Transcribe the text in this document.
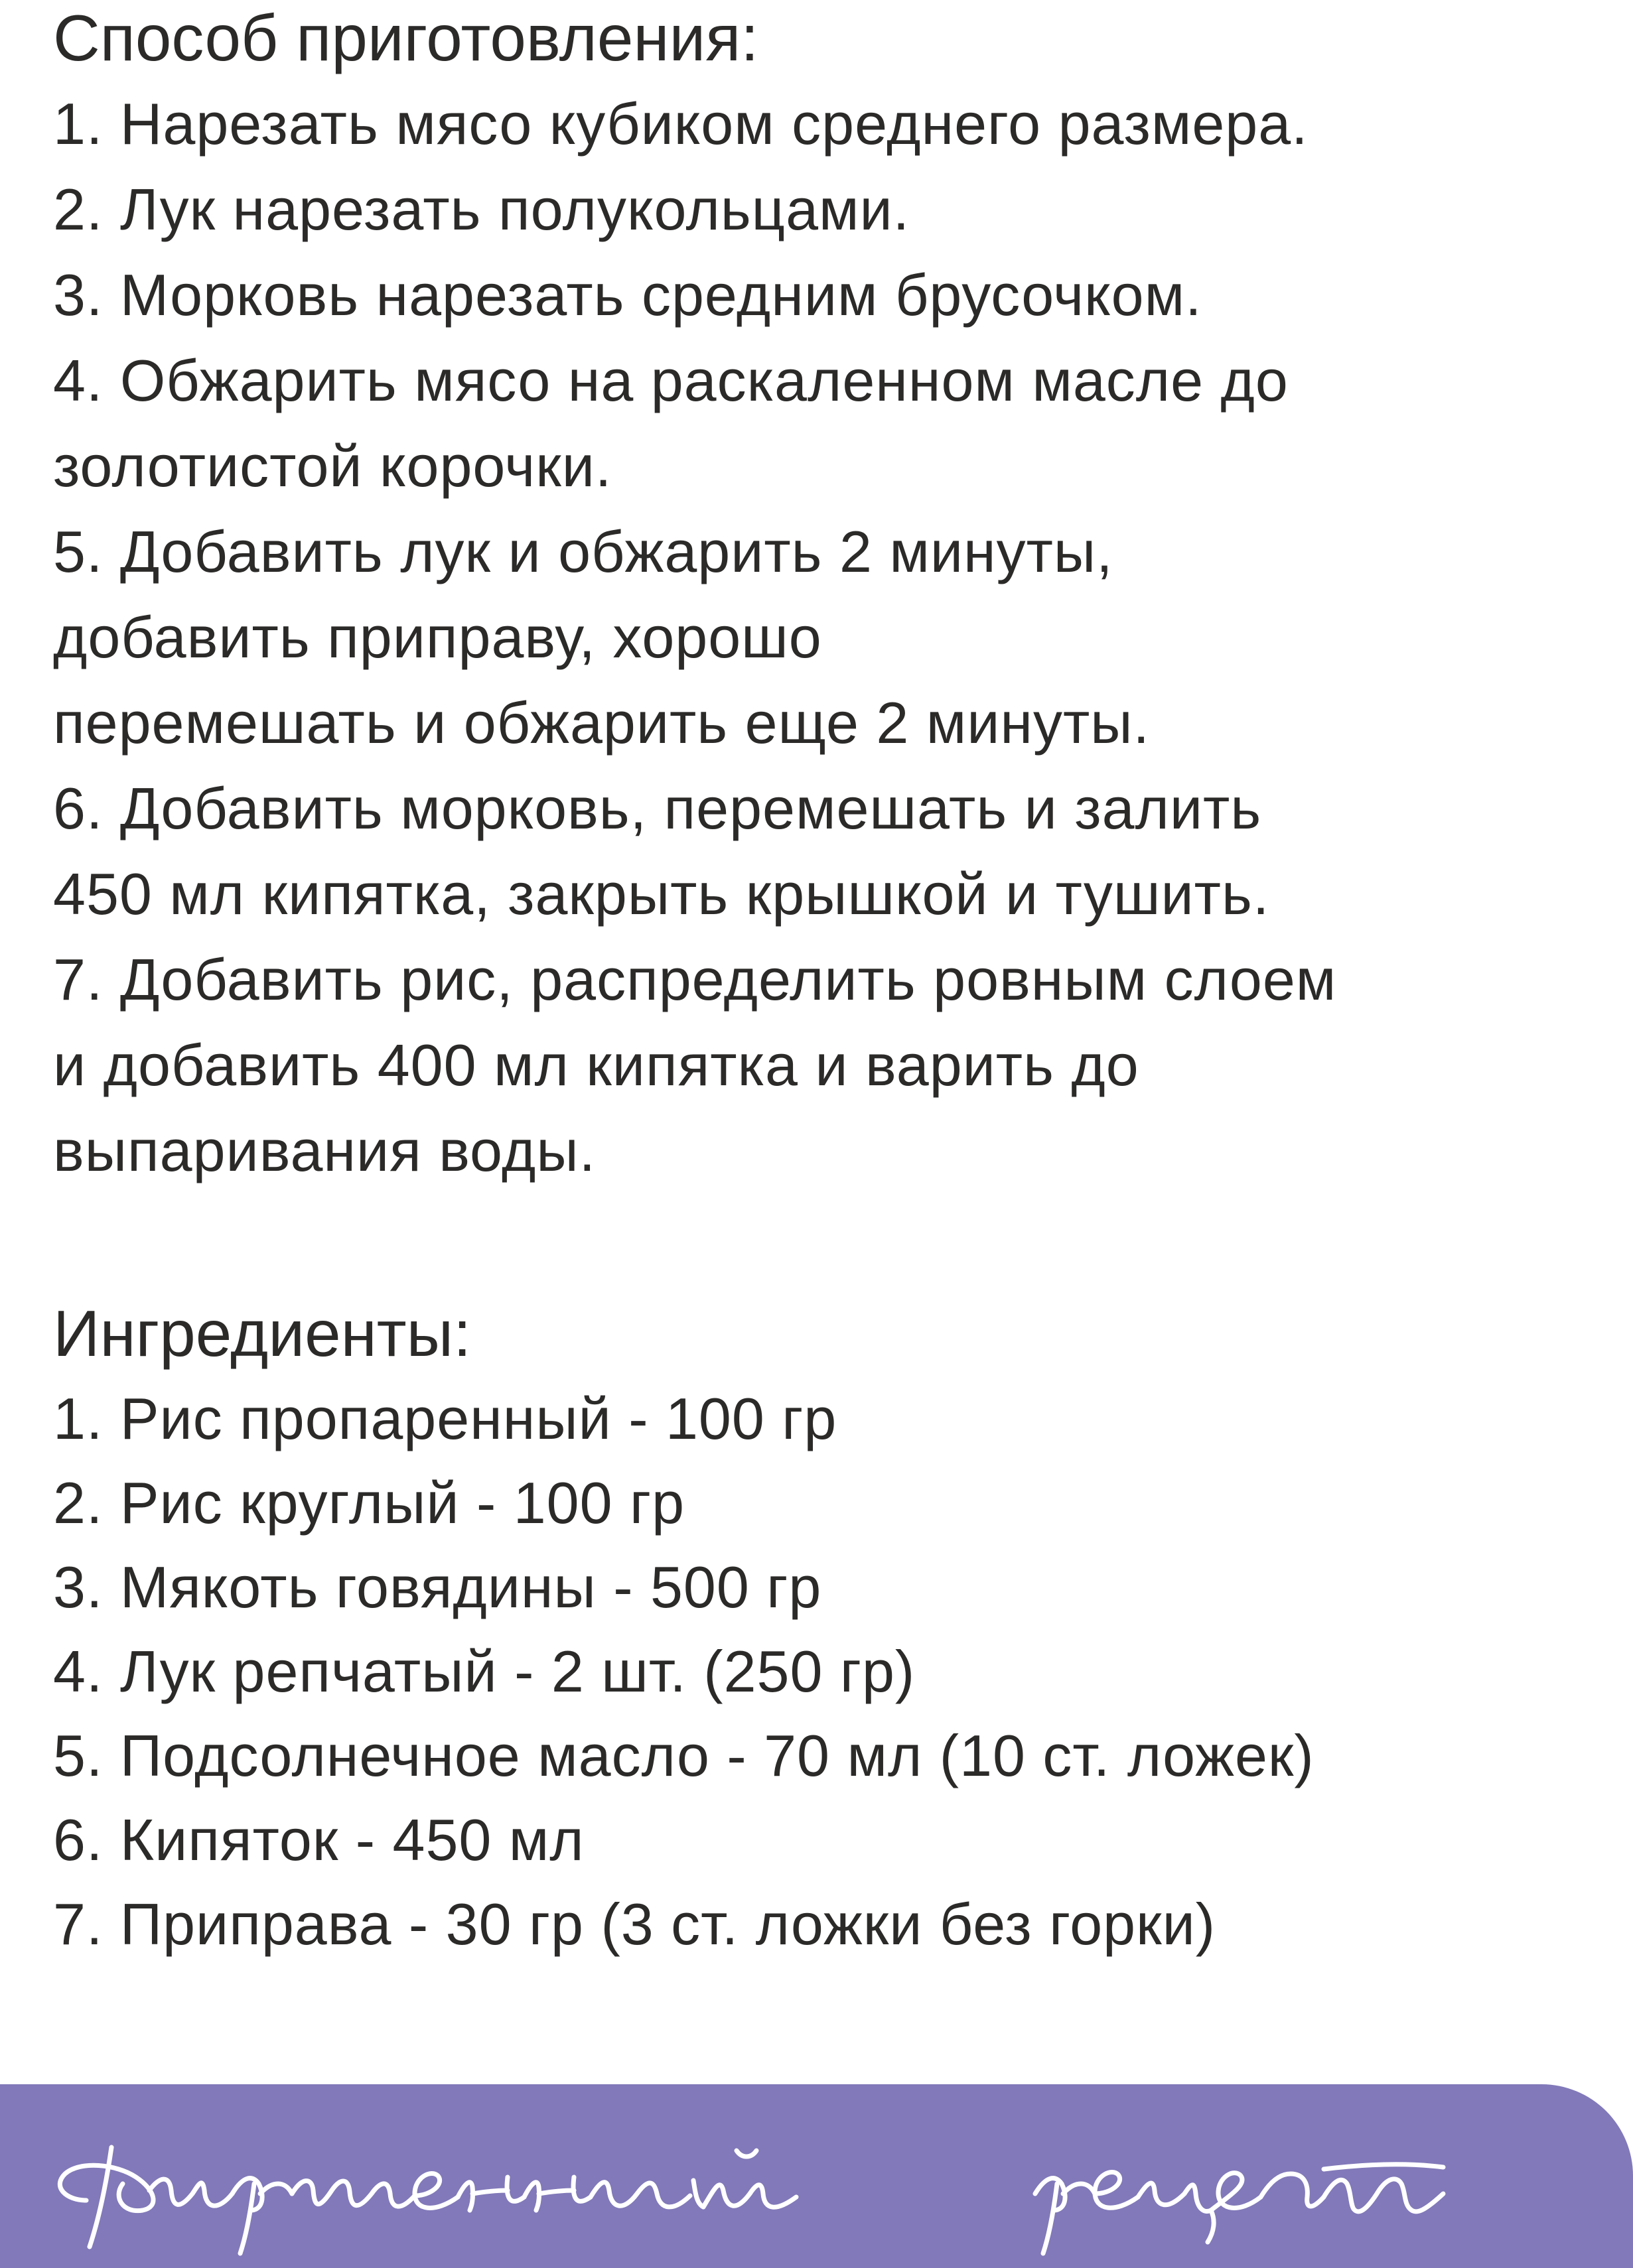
Способ приготовления:
1. Нарезать мясо кубиком среднего размера.
2. Лук нарезать полукольцами.
3. Морковь нарезать средним брусочком.
4. Обжарить мясо на раскаленном масле до
золотистой корочки.
5. Добавить лук и обжарить 2 минуты,
добавить приправу, хорошо
перемешать и обжарить еще 2 минуты.
6. Добавить морковь, перемешать и залить
450 мл кипятка, закрыть крышкой и тушить.
7. Добавить рис, распределить ровным слоем
и добавить 400 мл кипятка и варить до
выпаривания воды.
Ингредиенты:
1. Рис пропаренный - 100 гр
2. Рис круглый - 100 гр
3. Мякоть говядины - 500 гр
4. Лук репчатый - 2 шт. (250 гр)
5. Подсолнечное масло - 70 мл (10 ст. ложек)
6. Кипяток - 450 мл
7. Приправа - 30 гр (3 ст. ложки без горки)
